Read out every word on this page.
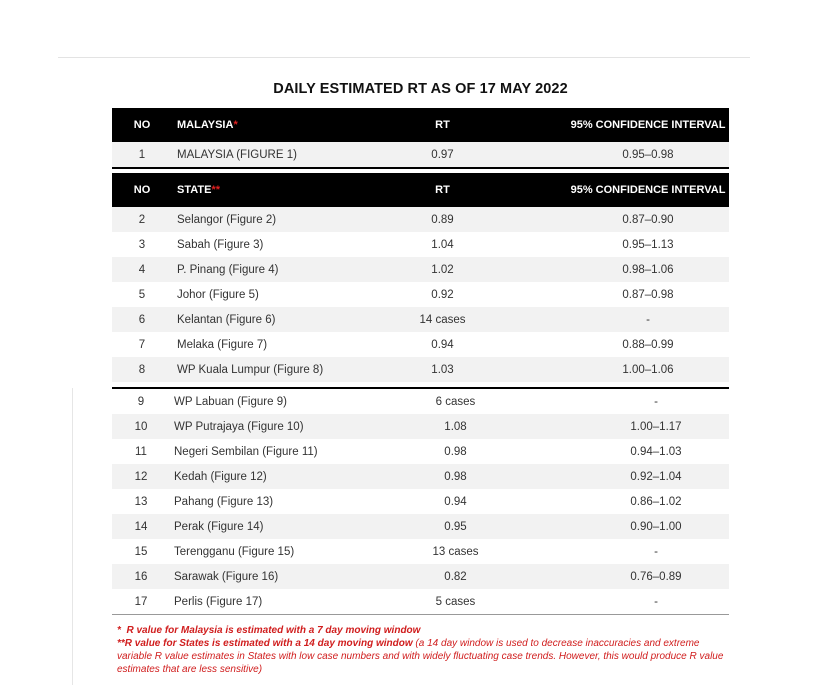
DAILY ESTIMATED RT AS OF 17 MAY 2022
NO	MALAYSIA *	RT	95% CONFIDENCE INTERVAL
1	MALAYSIA (FIGURE 1)	0.97	0.95–0.98
NO	STATE **	RT	95% CONFIDENCE INTERVAL
2	Selangor (Figure 2)	0.89	0.87–0.90
3	Sabah (Figure 3)	1.04	0.95–1.13
4	P. Pinang (Figure 4)	1.02	0.98–1.06
5	Johor (Figure 5)	0.92	0.87–0.98
6	Kelantan (Figure 6)	14 cases	-
7	Melaka (Figure 7)	0.94	0.88–0.99
8	WP Kuala Lumpur (Figure 8)	1.03	1.00–1.06
9	WP Labuan (Figure 9)	6 cases	-
10	WP Putrajaya (Figure 10)	1.08	1.00–1.17
11	Negeri Sembilan (Figure 11)	0.98	0.94–1.03
12	Kedah (Figure 12)	0.98	0.92–1.04
13	Pahang (Figure 13)	0.94	0.86–1.02
14	Perak (Figure 14)	0.95	0.90–1.00
15	Terengganu (Figure 15)	13 cases	-
16	Sarawak (Figure 16)	0.82	0.76–0.89
17	Perlis (Figure 17)	5 cases	-
* R value for Malaysia is estimated with a 7 day moving window
**R value for States is estimated with a 14 day moving window (a 14 day window is used to decrease inaccuracies and extreme variable R value estimates in States with low case numbers and with widely fluctuating case trends. However, this would produce R value estimates that are less sensitive)
